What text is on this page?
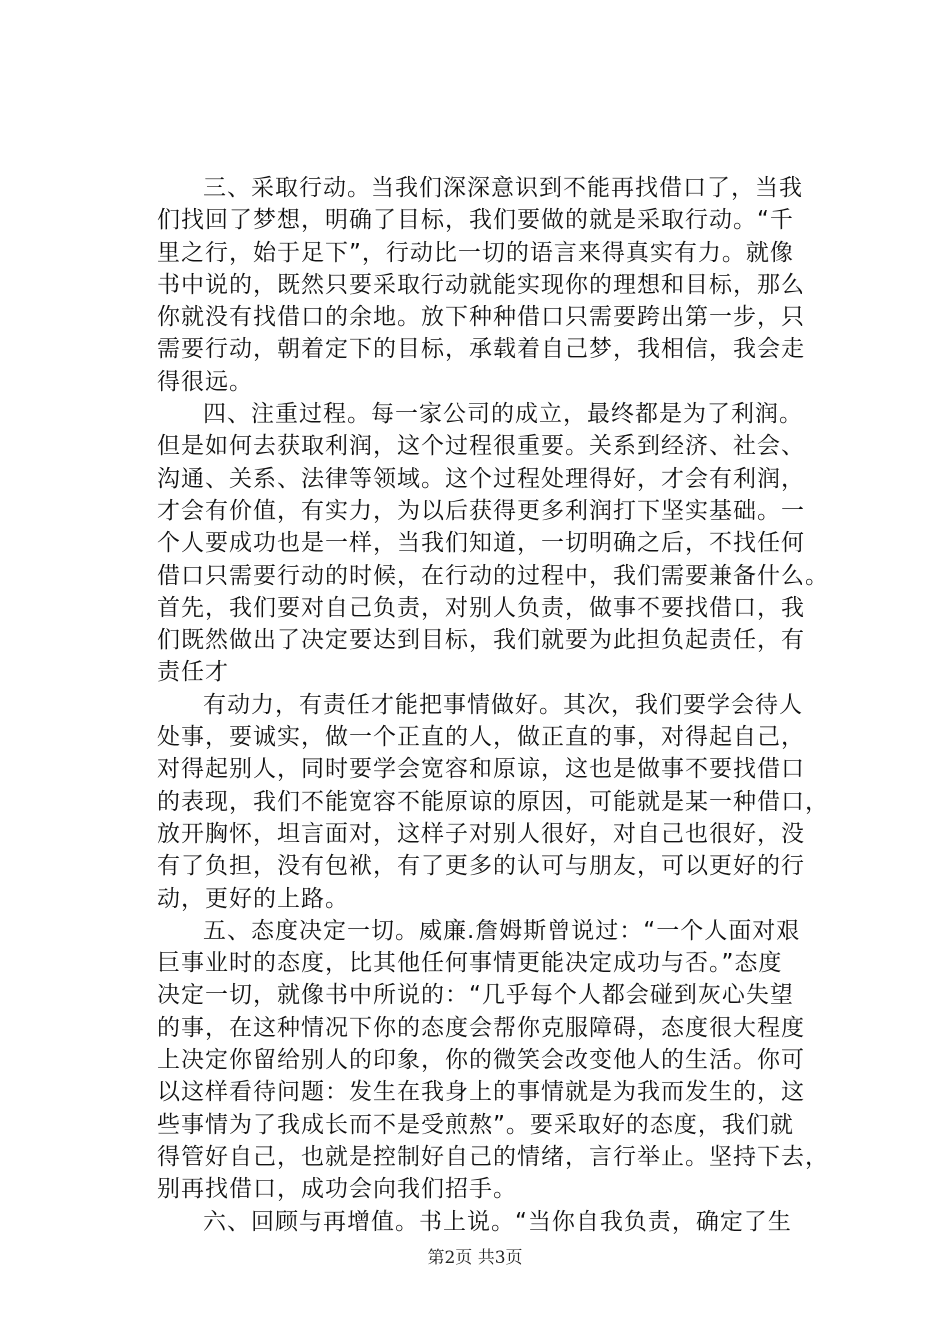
三、采取行动。当我们深深意识到不能再找借口了，当我
们找回了梦想，明确了目标，我们要做的就是采取行动。“千
里之行，始于足下”，行动比一切的语言来得真实有力。就像
书中说的，既然只要采取行动就能实现你的理想和目标，那么
你就没有找借口的余地。放下种种借口只需要跨出第一步，只
需要行动，朝着定下的目标，承载着自己梦，我相信，我会走
得很远。
四、注重过程。每一家公司的成立，最终都是为了利润。
但是如何去获取利润，这个过程很重要。关系到经济、社会、
沟通、关系、法律等领域。这个过程处理得好，才会有利润，
才会有价值，有实力，为以后获得更多利润打下坚实基础。一
个人要成功也是一样，当我们知道，一切明确之后，不找任何
借口只需要行动的时候，在行动的过程中，我们需要兼备什么。
首先，我们要对自己负责，对别人负责，做事不要找借口，我
们既然做出了决定要达到目标，我们就要为此担负起责任，有
责任才
有动力，有责任才能把事情做好。其次，我们要学会待人
处事，要诚实，做一个正直的人，做正直的事，对得起自己，
对得起别人，同时要学会宽容和原谅，这也是做事不要找借口
的表现，我们不能宽容不能原谅的原因，可能就是某一种借口，
放开胸怀，坦言面对，这样子对别人很好，对自己也很好，没
有了负担，没有包袱，有了更多的认可与朋友，可以更好的行
动，更好的上路。
五、态度决定一切。威廉.詹姆斯曾说过：“一个人面对艰
巨事业时的态度，比其他任何事情更能决定成功与否。”态度
决定一切，就像书中所说的：“几乎每个人都会碰到灰心失望
的事，在这种情况下你的态度会帮你克服障碍，态度很大程度
上决定你留给别人的印象，你的微笑会改变他人的生活。你可
以这样看待问题：发生在我身上的事情就是为我而发生的，这
些事情为了我成长而不是受煎熬”。要采取好的态度，我们就
得管好自己，也就是控制好自己的情绪，言行举止。坚持下去，
别再找借口，成功会向我们招手。
六、回顾与再增值。书上说。“当你自我负责，确定了生
第2页 共3页
